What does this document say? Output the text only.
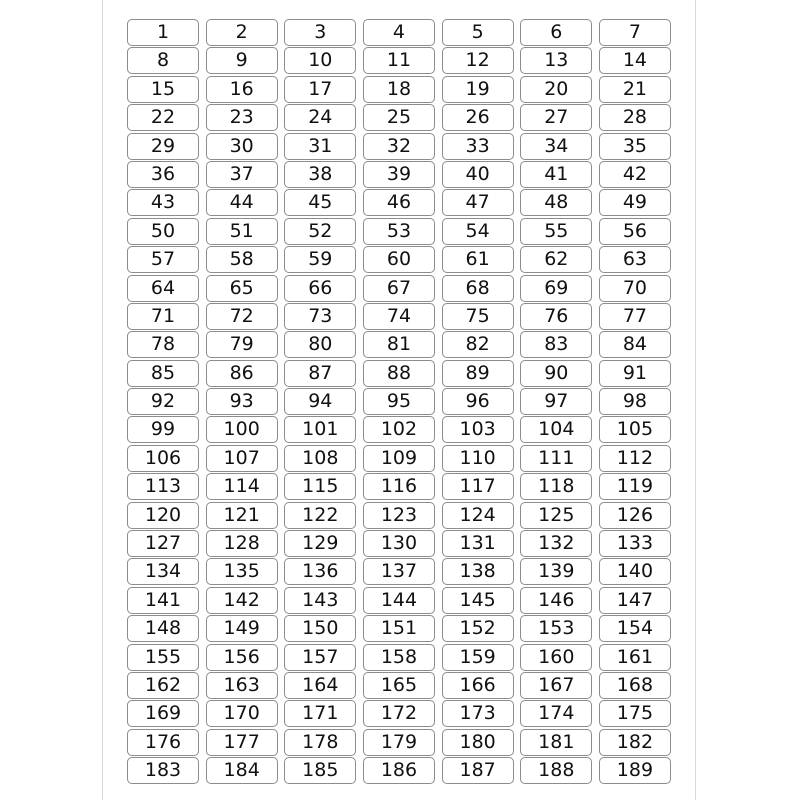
1	2	3	4	5	6	7
8	9	10	11	12	13	14
15	16	17	18	19	20	21
22	23	24	25	26	27	28
29	30	31	32	33	34	35
36	37	38	39	40	41	42
43	44	45	46	47	48	49
50	51	52	53	54	55	56
57	58	59	60	61	62	63
64	65	66	67	68	69	70
71	72	73	74	75	76	77
78	79	80	81	82	83	84
85	86	87	88	89	90	91
92	93	94	95	96	97	98
99	100	101	102	103	104	105
106	107	108	109	110	111	112
113	114	115	116	117	118	119
120	121	122	123	124	125	126
127	128	129	130	131	132	133
134	135	136	137	138	139	140
141	142	143	144	145	146	147
148	149	150	151	152	153	154
155	156	157	158	159	160	161
162	163	164	165	166	167	168
169	170	171	172	173	174	175
176	177	178	179	180	181	182
183	184	185	186	187	188	189
